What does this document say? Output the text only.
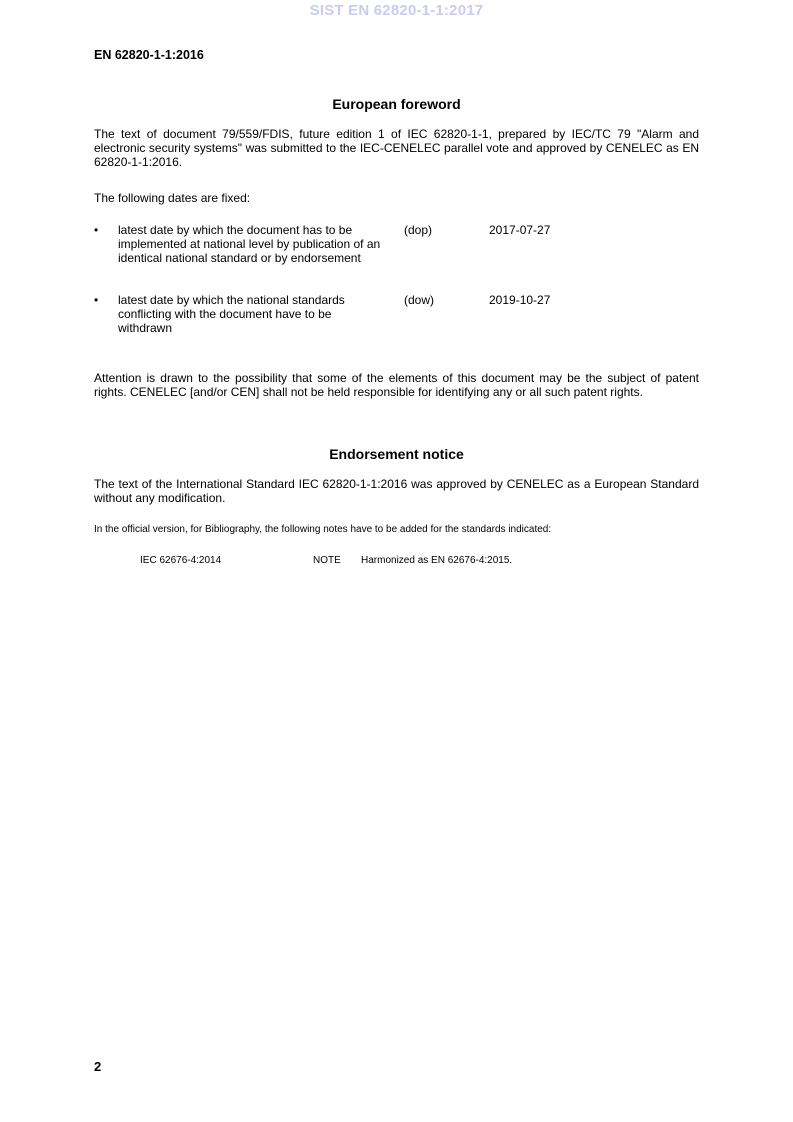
SIST EN 62820-1-1:2017
EN 62820-1-1:2016
European foreword
The text of document 79/559/FDIS, future edition 1 of IEC 62820-1-1, prepared by IEC/TC 79 "Alarm and electronic security systems" was submitted to the IEC-CENELEC parallel vote and approved by CENELEC as EN 62820-1-1:2016.
The following dates are fixed:
• latest date by which the document has to be implemented at national level by publication of an identical national standard or by endorsement
(dop)	2017-07-27
• latest date by which the national standards conflicting with the document have to be withdrawn
(dow)	2019-10-27
Attention is drawn to the possibility that some of the elements of this document may be the subject of patent rights. CENELEC [and/or CEN] shall not be held responsible for identifying any or all such patent rights.
Endorsement notice
The text of the International Standard IEC 62820-1-1:2016 was approved by CENELEC as a European Standard without any modification.
In the official version, for Bibliography, the following notes have to be added for the standards indicated:
IEC 62676-4:2014	NOTE Harmonized as EN 62676-4:2015.
2
